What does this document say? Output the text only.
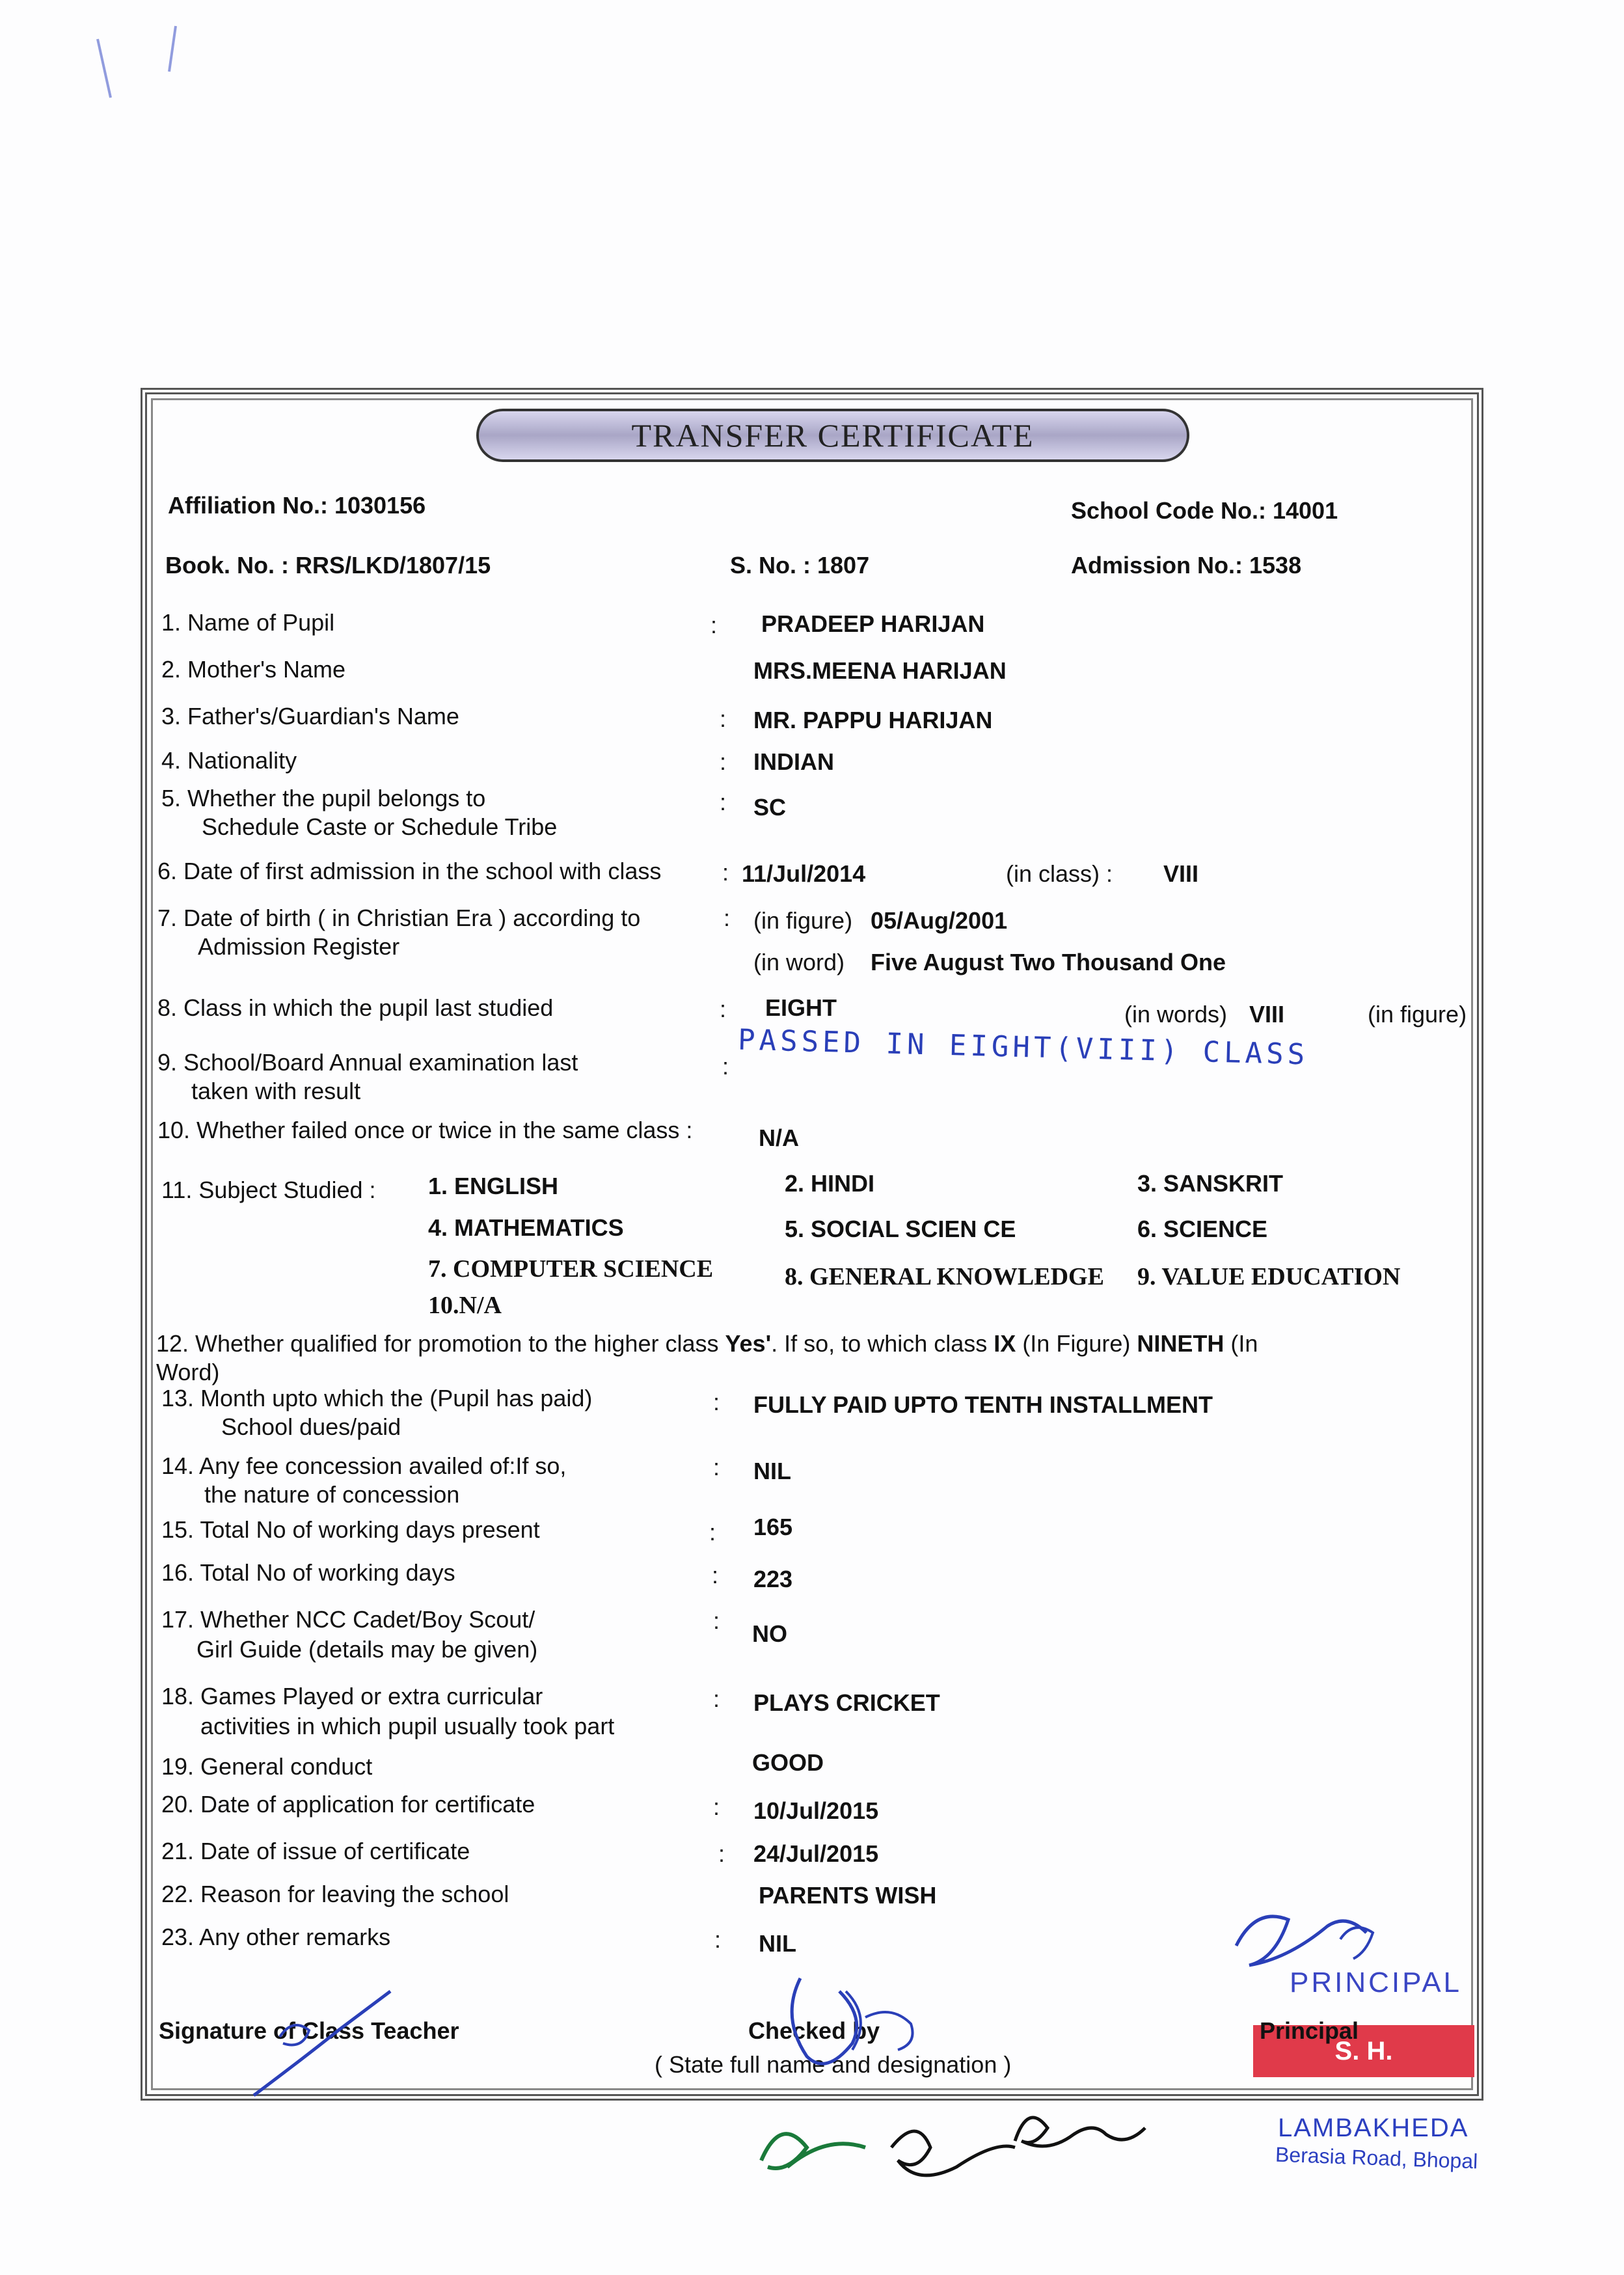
TRANSFER CERTIFICATE
Affiliation No.: 1030156	School Code No.: 14001
Book. No. : RRS/LKD/1807/15	S. No. : 1807	Admission No.: 1538
1. Name of Pupil	: PRADEEP HARIJAN
2. Mother's Name	MRS.MEENA HARIJAN
3. Father's/Guardian's Name	: MR. PAPPU HARIJAN
4. Nationality	: INDIAN
5. Whether the pupil belongs to
Schedule Caste or Schedule Tribe
: SC
6. Date of first admission in the school with class	: 11/Jul/2014	(in class) : VIII
7. Date of birth ( in Christian Era ) according to
Admission Register
: (in figure) 05/Aug/2001
(in word) Five August Two Thousand One
8. Class in which the pupil last studied	: EIGHT	(in words) VIII	(in figure)
9. School/Board Annual examination last
taken with result
: PASSED IN EIGHT(VIII) CLASS
10. Whether failed once or twice in the same class :	N/A
11. Subject Studied : 1. ENGLISH	2. HINDI	3. SANSKRIT
4. MATHEMATICS	5. SOCIAL SCIEN CE	6. SCIENCE
7. COMPUTER SCIENCE	8. GENERAL KNOWLEDGE 9. VALUE EDUCATION
10.N/A
12. Whether qualified for promotion to the higher class Yes'. If so, to which class IX (In Figure) NINETH (In
Word)
13. Month upto which the (Pupil has paid)
School dues/paid
: FULLY PAID UPTO TENTH INSTALLMENT
14. Any fee concession availed of:If so,
the nature of concession
: NIL
15. Total No of working days present	: 165
16. Total No of working days	: 223
17. Whether NCC Cadet/Boy Scout/
Girl Guide (details may be given)
: NO
18. Games Played or extra curricular
activities in which pupil usually took part
: PLAYS CRICKET
19. General conduct	GOOD
20. Date of application for certificate	: 10/Jul/2015
21. Date of issue of certificate	: 24/Jul/2015
22. Reason for leaving the school	PARENTS WISH
23. Any other remarks	: NIL
Signature of Class Teacher	Checked by
( State full name and designation )
Principal
PRINCIPAL
S. H.
LAMBAKHEDA
Berasia Road, Bhopal
